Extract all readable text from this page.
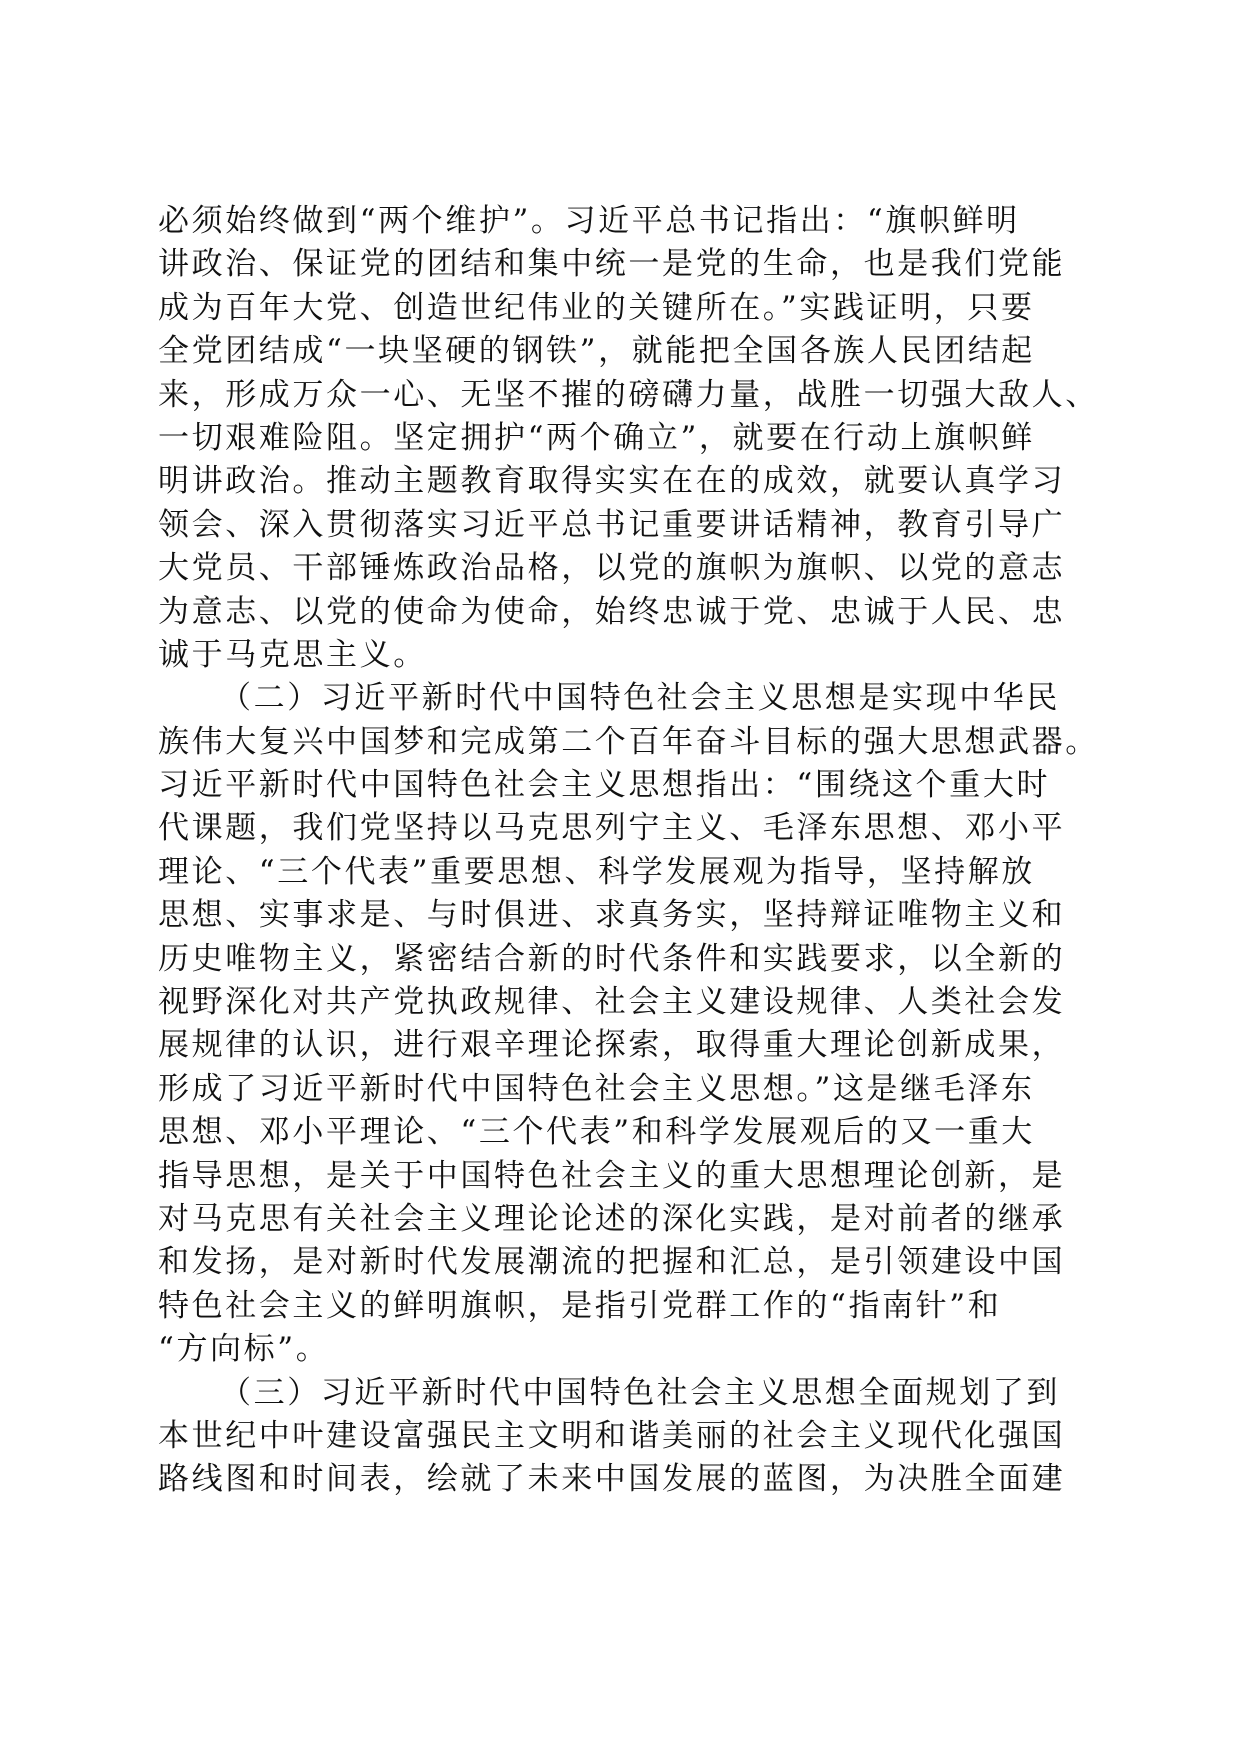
必须始终做到“两个维护”。习近平总书记指出：“旗帜鲜明
讲政治、保证党的团结和集中统一是党的生命，也是我们党能
成为百年大党、创造世纪伟业的关键所在。”实践证明，只要
全党团结成“一块坚硬的钢铁”，就能把全国各族人民团结起
来，形成万众一心、无坚不摧的磅礴力量，战胜一切强大敌人、
一切艰难险阻。坚定拥护“两个确立”，就要在行动上旗帜鲜
明讲政治。推动主题教育取得实实在在的成效，就要认真学习
领会、深入贯彻落实习近平总书记重要讲话精神，教育引导广
大党员、干部锤炼政治品格，以党的旗帜为旗帜、以党的意志
为意志、以党的使命为使命，始终忠诚于党、忠诚于人民、忠
诚于马克思主义。
（二）习近平新时代中国特色社会主义思想是实现中华民
族伟大复兴中国梦和完成第二个百年奋斗目标的强大思想武器。
习近平新时代中国特色社会主义思想指出：“围绕这个重大时
代课题，我们党坚持以马克思列宁主义、毛泽东思想、邓小平
理论、“三个代表”重要思想、科学发展观为指导，坚持解放
思想、实事求是、与时俱进、求真务实，坚持辩证唯物主义和
历史唯物主义，紧密结合新的时代条件和实践要求，以全新的
视野深化对共产党执政规律、社会主义建设规律、人类社会发
展规律的认识，进行艰辛理论探索，取得重大理论创新成果，
形成了习近平新时代中国特色社会主义思想。”这是继毛泽东
思想、邓小平理论、“三个代表”和科学发展观后的又一重大
指导思想，是关于中国特色社会主义的重大思想理论创新，是
对马克思有关社会主义理论论述的深化实践，是对前者的继承
和发扬，是对新时代发展潮流的把握和汇总，是引领建设中国
特色社会主义的鲜明旗帜，是指引党群工作的“指南针”和
“方向标”。
（三）习近平新时代中国特色社会主义思想全面规划了到
本世纪中叶建设富强民主文明和谐美丽的社会主义现代化强国
路线图和时间表，绘就了未来中国发展的蓝图，为决胜全面建
